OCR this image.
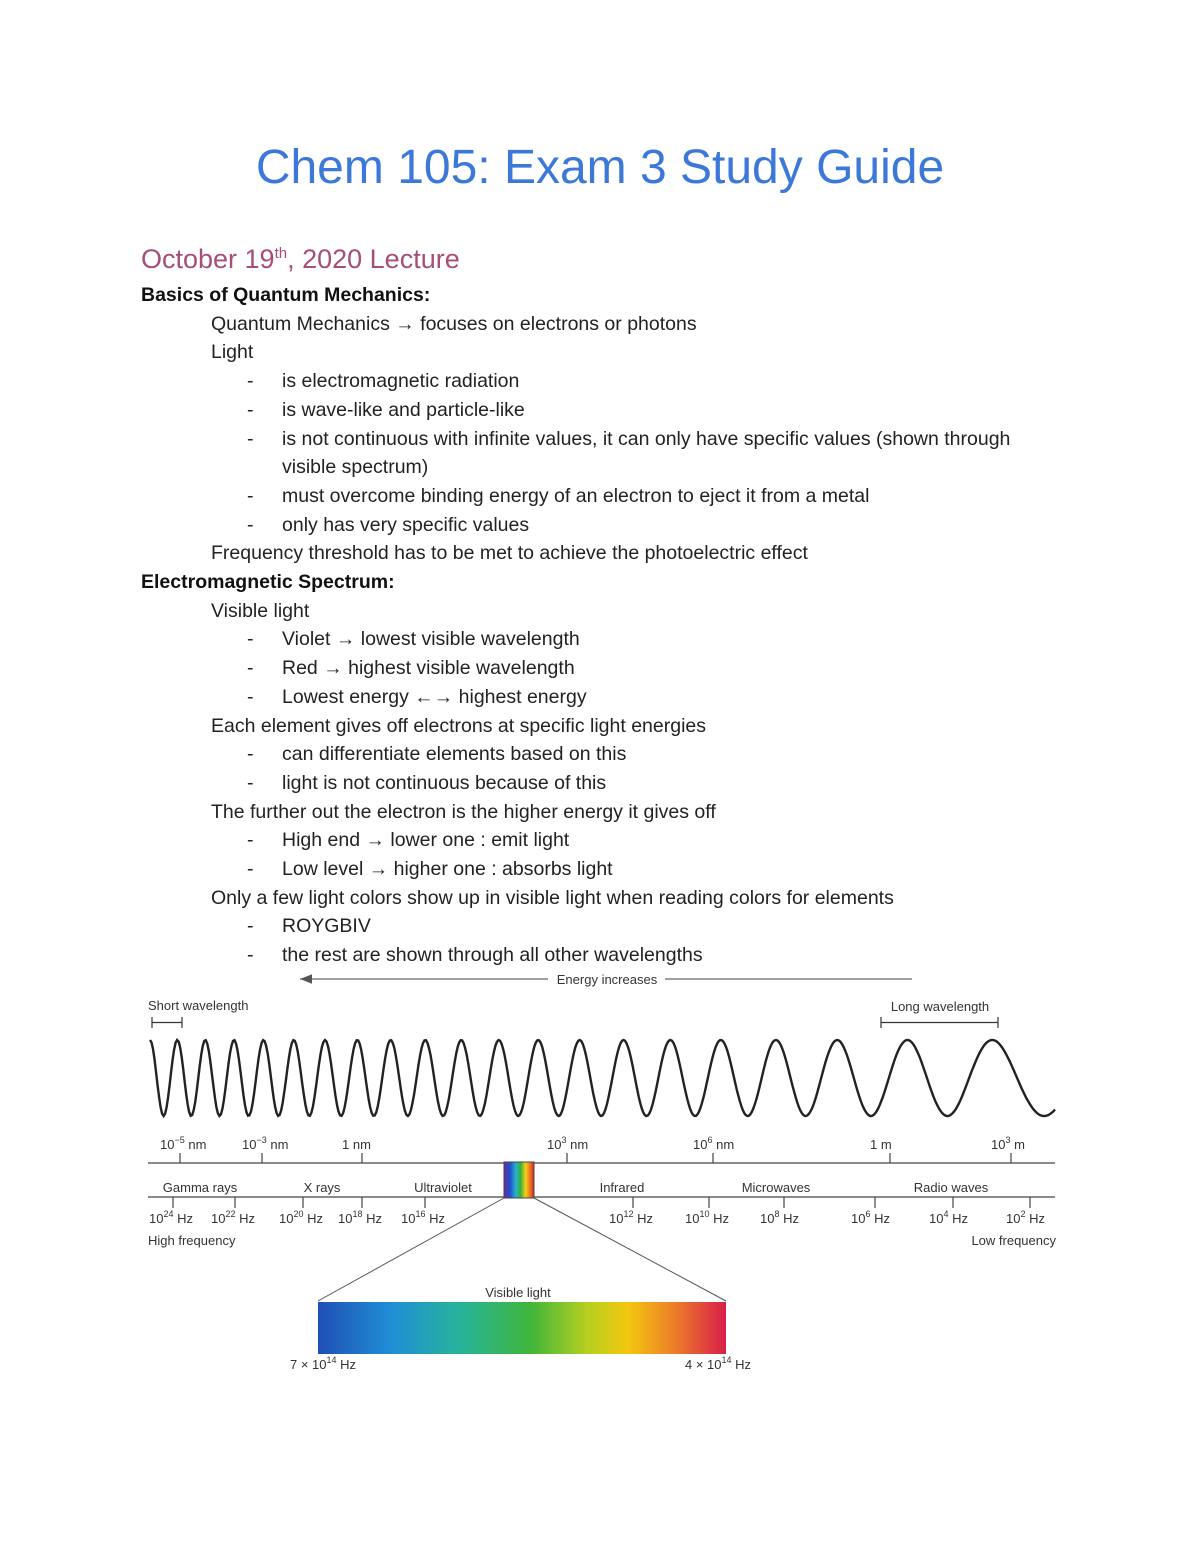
Chem 105: Exam 3 Study Guide
October 19th, 2020 Lecture
Basics of Quantum Mechanics:
Quantum Mechanics → focuses on electrons or photons
Light
- is electromagnetic radiation
- is wave-like and particle-like
- is not continuous with infinite values, it can only have specific values (shown through visible spectrum)
- must overcome binding energy of an electron to eject it from a metal
- only has very specific values
Frequency threshold has to be met to achieve the photoelectric effect
Electromagnetic Spectrum:
Visible light
- Violet → lowest visible wavelength
- Red → highest visible wavelength
- Lowest energy ←→ highest energy
Each element gives off electrons at specific light energies
- can differentiate elements based on this
- light is not continuous because of this
The further out the electron is the higher energy it gives off
- High end → lower one : emit light
- Low level → higher one : absorbs light
Only a few light colors show up in visible light when reading colors for elements
- ROYGBIV
- the rest are shown through all other wavelengths
Energy increases
Short wavelength	Long wavelength
$10^{-5}$ nm	$10^{-3}$ nm	1 nm	$10^3$ nm	$10^6$ nm	1 m	$10^3$ m
Gamma rays	X rays	Ultraviolet	Infrared	Microwaves	Radio waves
$10^{24}$ Hz $10^{22}$ Hz $10^{20}$ Hz $10^{18}$ Hz $10^{16}$ Hz	$10^{12}$ Hz $10^{10}$ Hz $10^8$ Hz	$10^6$ Hz	$10^4$ Hz	$10^2$ Hz
High frequency	Low frequency
Visible light
$7 \times 10^{14}$ Hz	$4 \times 10^{14}$ Hz
